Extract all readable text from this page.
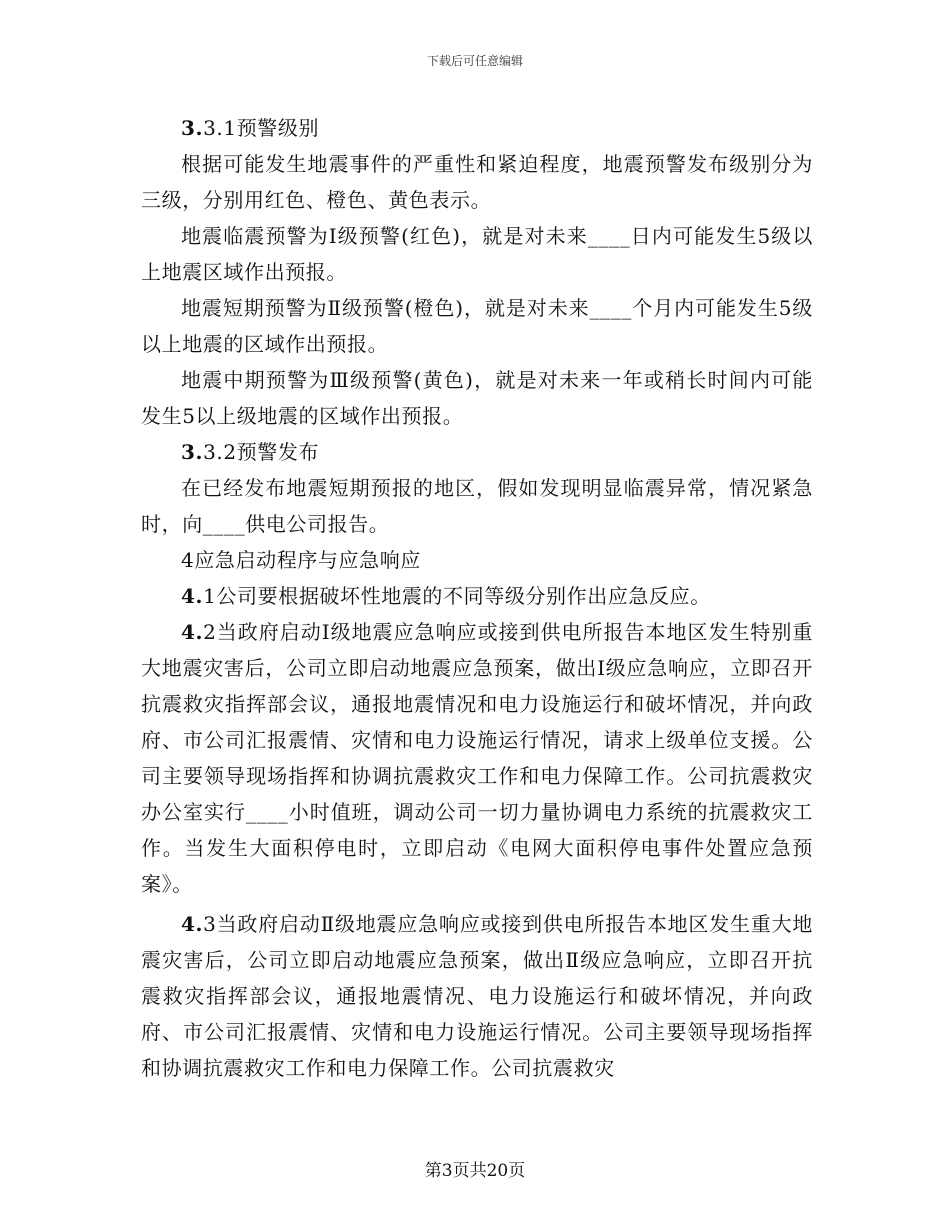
下载后可任意编辑

3.3.1预警级别

根据可能发生地震事件的严重性和紧迫程度，地震预警发布级别分为三级，分别用红色、橙色、黄色表示。

地震临震预警为Ⅰ级预警(红色)，就是对未来____日内可能发生5级以上地震区域作出预报。

地震短期预警为Ⅱ级预警(橙色)，就是对未来____个月内可能发生5级以上地震的区域作出预报。

地震中期预警为Ⅲ级预警(黄色)，就是对未来一年或稍长时间内可能发生5以上级地震的区域作出预报。

3.3.2预警发布

在已经发布地震短期预报的地区，假如发现明显临震异常，情况紧急时，向____供电公司报告。

4应急启动程序与应急响应

4.1公司要根据破坏性地震的不同等级分别作出应急反应。

4.2当政府启动Ⅰ级地震应急响应或接到供电所报告本地区发生特别重大地震灾害后，公司立即启动地震应急预案，做出Ⅰ级应急响应，立即召开抗震救灾指挥部会议，通报地震情况和电力设施运行和破坏情况，并向政府、市公司汇报震情、灾情和电力设施运行情况，请求上级单位支援。公司主要领导现场指挥和协调抗震救灾工作和电力保障工作。公司抗震救灾办公室实行____小时值班，调动公司一切力量协调电力系统的抗震救灾工作。当发生大面积停电时，立即启动《电网大面积停电事件处置应急预案》。

4.3当政府启动Ⅱ级地震应急响应或接到供电所报告本地区发生重大地震灾害后，公司立即启动地震应急预案，做出Ⅱ级应急响应，立即召开抗震救灾指挥部会议，通报地震情况、电力设施运行和破坏情况，并向政府、市公司汇报震情、灾情和电力设施运行情况。公司主要领导现场指挥和协调抗震救灾工作和电力保障工作。公司抗震救灾

第3页共20页
